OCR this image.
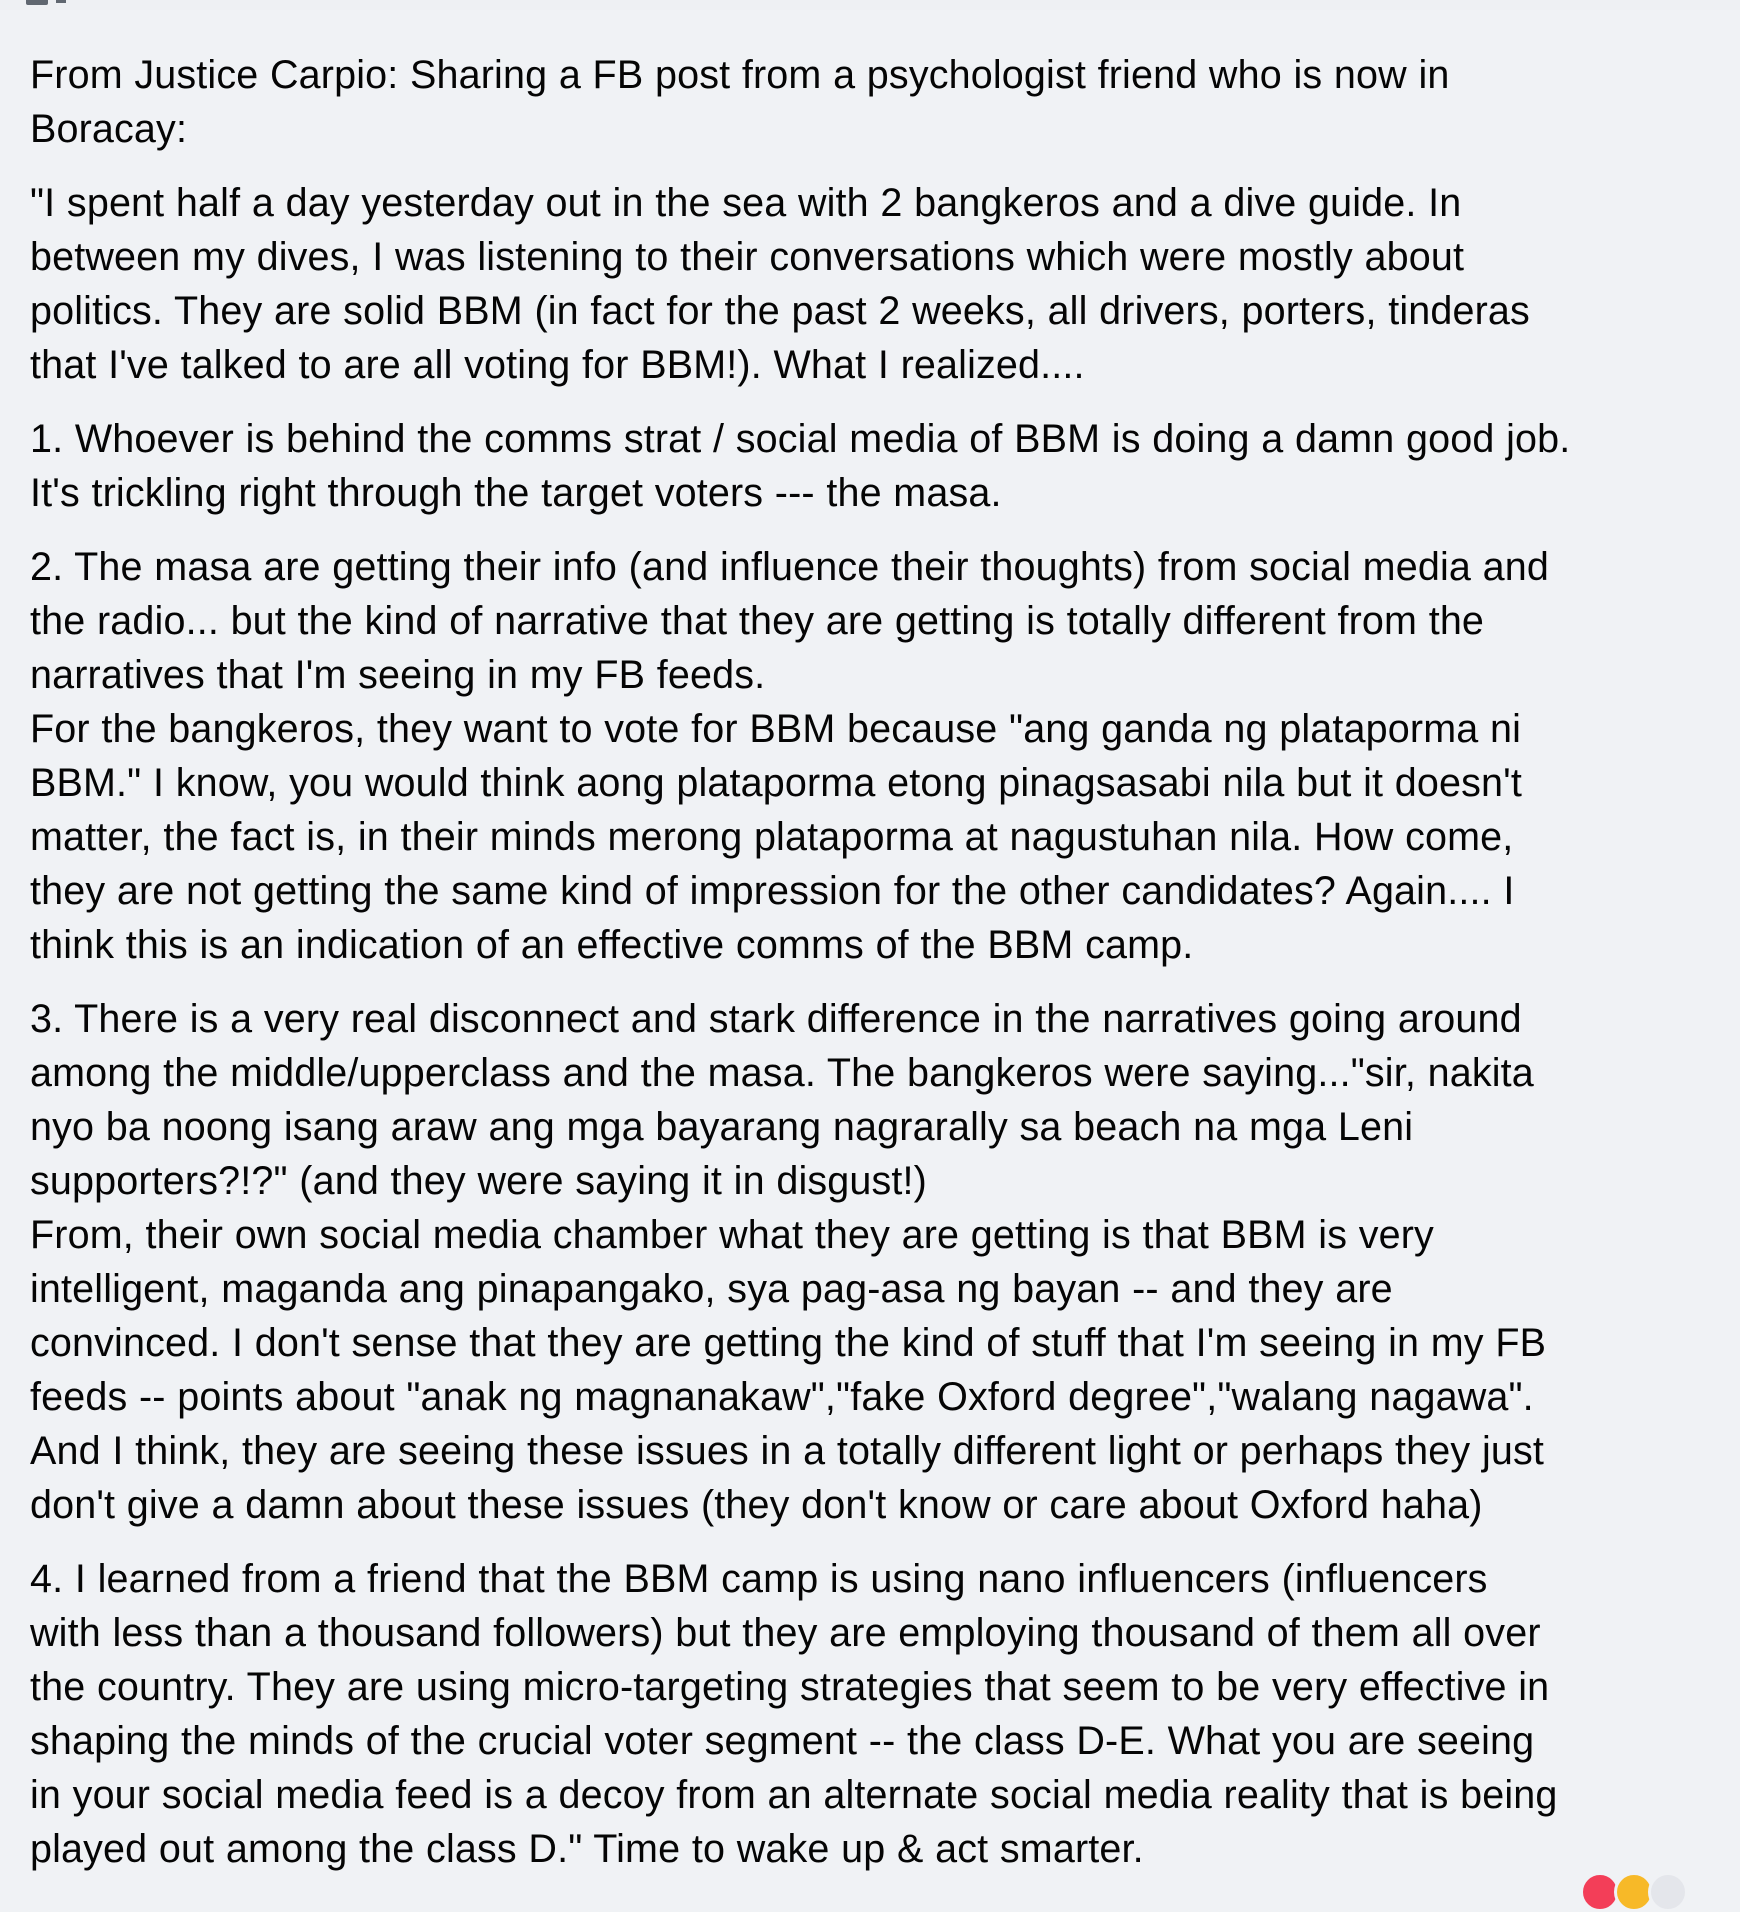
From Justice Carpio: Sharing a FB post from a psychologist friend who is now in
Boracay:

"I spent half a day yesterday out in the sea with 2 bangkeros and a dive guide. In
between my dives, I was listening to their conversations which were mostly about
politics. They are solid BBM (in fact for the past 2 weeks, all drivers, porters, tinderas
that I've talked to are all voting for BBM!). What I realized....

1. Whoever is behind the comms strat / social media of BBM is doing a damn good job.
It's trickling right through the target voters --- the masa.

2. The masa are getting their info (and influence their thoughts) from social media and
the radio... but the kind of narrative that they are getting is totally different from the
narratives that I'm seeing in my FB feeds.
For the bangkeros, they want to vote for BBM because "ang ganda ng plataporma ni
BBM." I know, you would think aong plataporma etong pinagsasabi nila but it doesn't
matter, the fact is, in their minds merong plataporma at nagustuhan nila. How come,
they are not getting the same kind of impression for the other candidates? Again.... I
think this is an indication of an effective comms of the BBM camp.

3. There is a very real disconnect and stark difference in the narratives going around
among the middle/upperclass and the masa. The bangkeros were saying..."sir, nakita
nyo ba noong isang araw ang mga bayarang nagrarally sa beach na mga Leni
supporters?!?" (and they were saying it in disgust!)
From, their own social media chamber what they are getting is that BBM is very
intelligent, maganda ang pinapangako, sya pag-asa ng bayan -- and they are
convinced. I don't sense that they are getting the kind of stuff that I'm seeing in my FB
feeds -- points about "anak ng magnanakaw","fake Oxford degree","walang nagawa".
And I think, they are seeing these issues in a totally different light or perhaps they just
don't give a damn about these issues (they don't know or care about Oxford haha)

4. I learned from a friend that the BBM camp is using nano influencers (influencers
with less than a thousand followers) but they are employing thousand of them all over
the country. They are using micro-targeting strategies that seem to be very effective in
shaping the minds of the crucial voter segment -- the class D-E. What you are seeing
in your social media feed is a decoy from an alternate social media reality that is being
played out among the class D." Time to wake up & act smarter.
